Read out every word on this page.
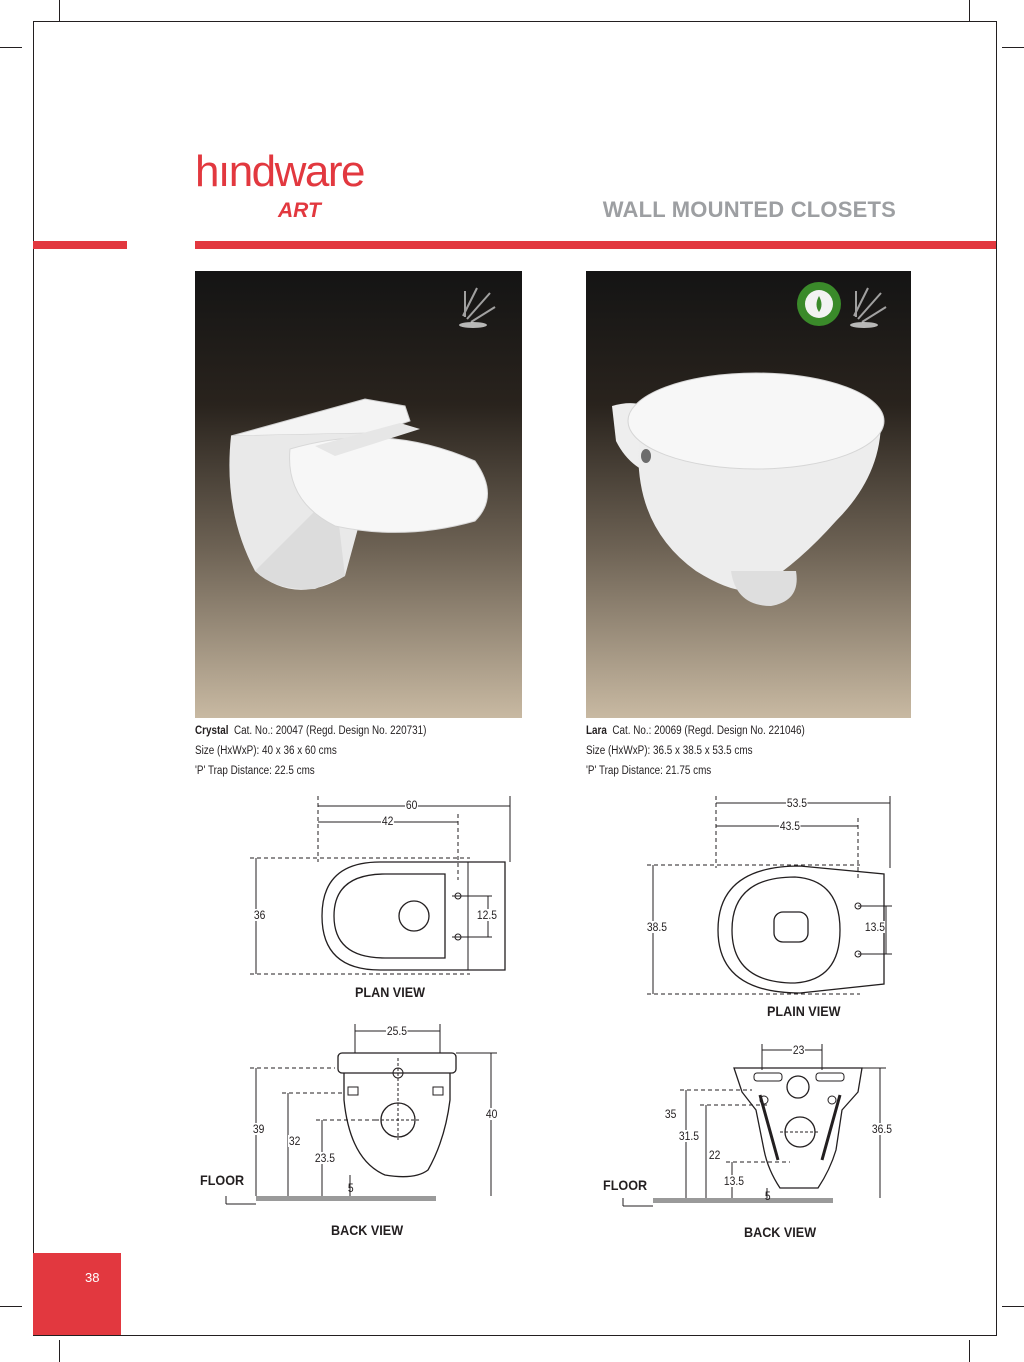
hındware
ART	WALL MOUNTED CLOSETS
Crystal Cat. No.: 20047 (Regd. Design No. 220731)
Size (HxWxP): 40 x 36 x 60 cms
'P' Trap Distance: 22.5 cms
Lara Cat. No.: 20069 (Regd. Design No. 221046)
Size (HxWxP): 36.5 x 38.5 x 53.5 cms
'P' Trap Distance: 21.75 cms
60
42
36	12.5
PLAN VIEW
25.5
40
39
32
23.5
5
FLOOR
BACK VIEW
53.5
43.5
38.5	13.5
PLAIN VIEW
23
35
31.5
22
13.5
36.5
5
FLOOR
BACK VIEW
38
